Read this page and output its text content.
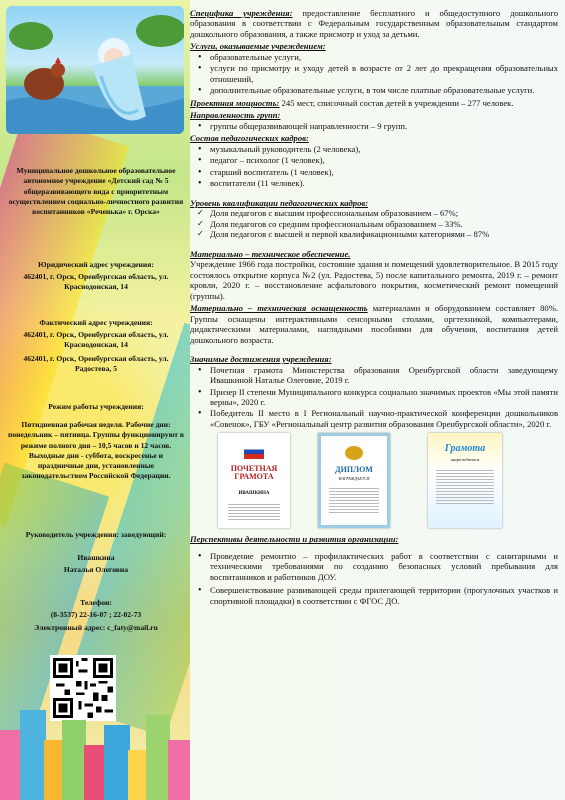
Муниципальное дошкольное образовательное автономное учреждение «Детский сад № 5 общеразвивающего вида с приоритетным осуществлением социально-личностного развития воспитанников «Реченька» г. Орска»
Юридический адрес учреждения:
462401, г. Орск, Оренбургская область, ул. Краснодонская, 14
Фактический адрес учреждения:
462401, г. Орск, Оренбургская область, ул. Краснодонская, 14
462401, г. Орск, Оренбургская область, ул. Радостева, 5
Режим работы учреждения:
Пятидневная рабочая неделя. Рабочие дни: понедельник – пятница. Группы функционируют в режиме полного дня – 10,5 часов и 12 часов. Выходные дни - суббота, воскресенье и праздничные дни, установленные законодательством Российской Федерации.
Руководитель учреждения: заведующий:
Ивашкина
Наталья Олеговна
Телефон:
(8-3537) 22-16-07 ; 22-02-73
Электронный адрес: c_faty@mail.ru

Специфика учреждения: предоставление бесплатного и общедоступного дошкольного образования в соответствии с Федеральным государственным образовательным стандартом дошкольного образования, а также присмотр и уход за детьми.

Услуги, оказываемые учреждением:
• образовательные услуги,
• услуги по присмотру и уходу детей в возрасте от 2 лет до прекращения образовательных отношений,
• дополнительные образовательные услуги, в том числе платные образовательные услуги.

Проектная мощность: 245 мест, списочный состав детей в учреждении – 277 человек.

Направленность групп:
• группы общеразвивающей направленности – 9 групп.
Состав педагогических кадров:
• музыкальный руководитель (2 человека),
• педагог – психолог (1 человек),
• старший воспитатель (1 человек),
• воспитатели (11 человек).
Уровень квалификации педагогических кадров:
✓ Доля педагогов с высшим профессиональным образованием – 67%;
✓ Доля педагогов со средним профессиональным образованием – 33%.
✓ Доля педагогов с высшей и первой квалификационными категориями – 87%
Материально – техническое обеспечение.

Учреждение 1966 года постройки, состояние здания и помещений удовлетворительное. В 2015 году состоялось открытие корпуса №2 (ул. Радостева, 5) после капитального ремонта, 2019 г. – ремонт кровли, 2020 г. – восстановление асфальтового покрытия, косметический ремонт помещений (группы).

Материально – техническая оснащенность материалами и оборудованием составляет 80%. Группы оснащены интерактивными сенсорными столами, оргтехникой, компьютерами, дидактическими материалами, наглядными пособиями для обучения, воспитания детей дошкольного возраста.

Значимые достижения учреждения:
• Почетная грамота Министерства образования Оренбургской области заведующему Ивашкиной Наталье Олеговне, 2019 г.
• Призер II степени Муниципального конкурса социально значимых проектов «Мы этой памяти верны», 2020 г.
• Победитель II место в I Региональный научно-практической конференции дошкольников «Совенок», ГБУ «Региональный центр развития образования Оренбургской области», 2020 г.
ПОЧЕТНАЯ ГРАМОТА
ИВАШКИНА
ДИПЛОМ
НАГРАЖДАЕТСЯ
Грамота
награждается
Перспективы деятельности и развития организации:
• Проведение ремонтно – профилактических работ в соответствии с санитарными и техническими требованиями по созданию безопасных условий пребывания для воспитанников и работников ДОУ.
• Совершенствование развивающей среды прилегающей территории (прогулочных участков и спортивной площадки) в соответствии с ФГОС ДО.
